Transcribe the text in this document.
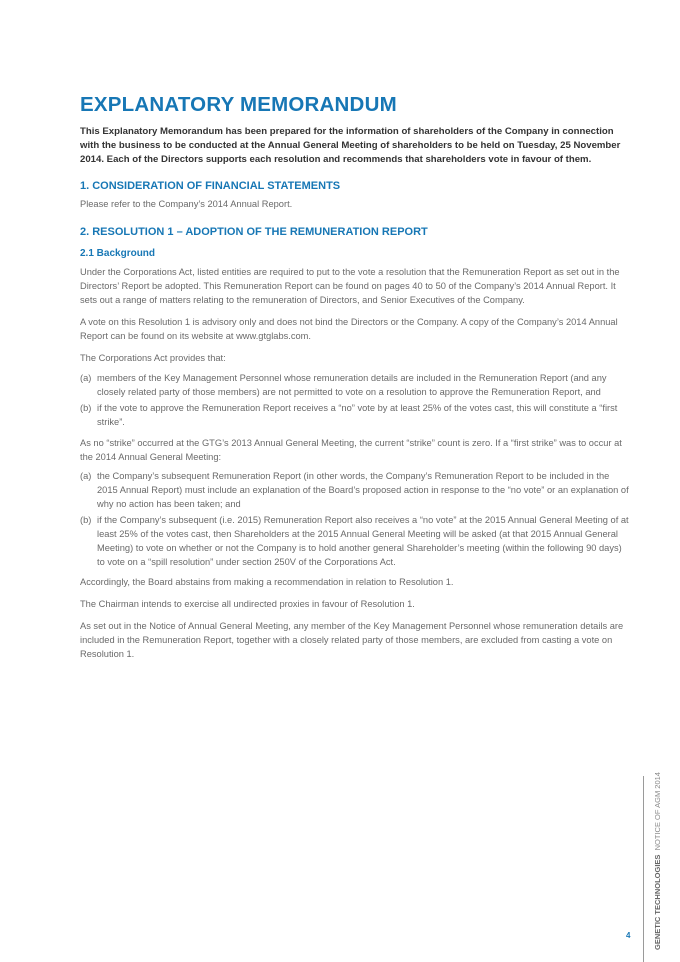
EXPLANATORY MEMORANDUM
This Explanatory Memorandum has been prepared for the information of shareholders of the Company in connection with the business to be conducted at the Annual General Meeting of shareholders to be held on Tuesday, 25 November 2014. Each of the Directors supports each resolution and recommends that shareholders vote in favour of them.
1. CONSIDERATION OF FINANCIAL STATEMENTS
Please refer to the Company’s 2014 Annual Report.
2. RESOLUTION 1 – ADOPTION OF THE REMUNERATION REPORT
2.1 Background
Under the Corporations Act, listed entities are required to put to the vote a resolution that the Remuneration Report as set out in the Directors’ Report be adopted. This Remuneration Report can be found on pages 40 to 50 of the Company’s 2014 Annual Report. It sets out a range of matters relating to the remuneration of Directors, and Senior Executives of the Company.
A vote on this Resolution 1 is advisory only and does not bind the Directors or the Company. A copy of the Company’s 2014 Annual Report can be found on its website at www.gtglabs.com.
The Corporations Act provides that:
(a) members of the Key Management Personnel whose remuneration details are included in the Remuneration Report (and any closely related party of those members) are not permitted to vote on a resolution to approve the Remuneration Report, and
(b) if the vote to approve the Remuneration Report receives a “no” vote by at least 25% of the votes cast, this will constitute a “first strike”.
As no “strike” occurred at the GTG’s 2013 Annual General Meeting, the current “strike” count is zero. If a “first strike” was to occur at the 2014 Annual General Meeting:
(a) the Company’s subsequent Remuneration Report (in other words, the Company’s Remuneration Report to be included in the 2015 Annual Report) must include an explanation of the Board’s proposed action in response to the “no vote” or an explanation of why no action has been taken; and
(b) if the Company’s subsequent (i.e. 2015) Remuneration Report also receives a “no vote” at the 2015 Annual General Meeting of at least 25% of the votes cast, then Shareholders at the 2015 Annual General Meeting will be asked (at that 2015 Annual General Meeting) to vote on whether or not the Company is to hold another general Shareholder’s meeting (within the following 90 days) to vote on a “spill resolution” under section 250V of the Corporations Act.
Accordingly, the Board abstains from making a recommendation in relation to Resolution 1.
The Chairman intends to exercise all undirected proxies in favour of Resolution 1.
As set out in the Notice of Annual General Meeting, any member of the Key Management Personnel whose remuneration details are included in the Remuneration Report, together with a closely related party of those members, are excluded from casting a vote on Resolution 1.
GENETIC TECHNOLOGIES  NOTICE OF AGM 2014
4
